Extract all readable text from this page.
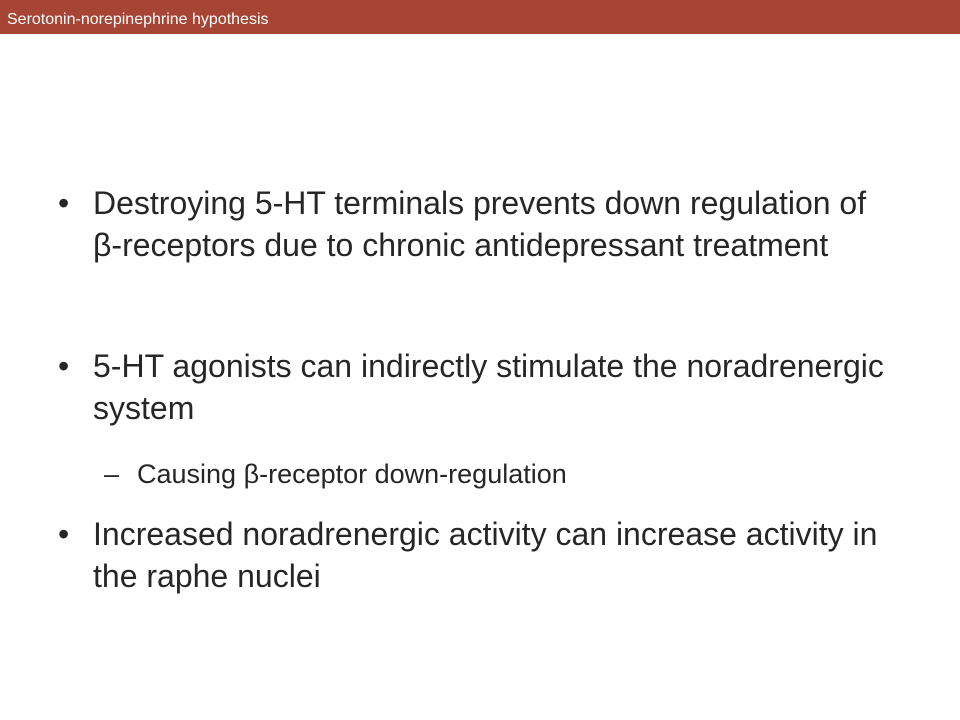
Serotonin-norepinephrine hypothesis
• Destroying 5-HT terminals prevents down regulation of β-receptors due to chronic antidepressant treatment
• 5-HT agonists can indirectly stimulate the noradrenergic system
– Causing β-receptor down-regulation
• Increased noradrenergic activity can increase activity in the raphe nuclei
